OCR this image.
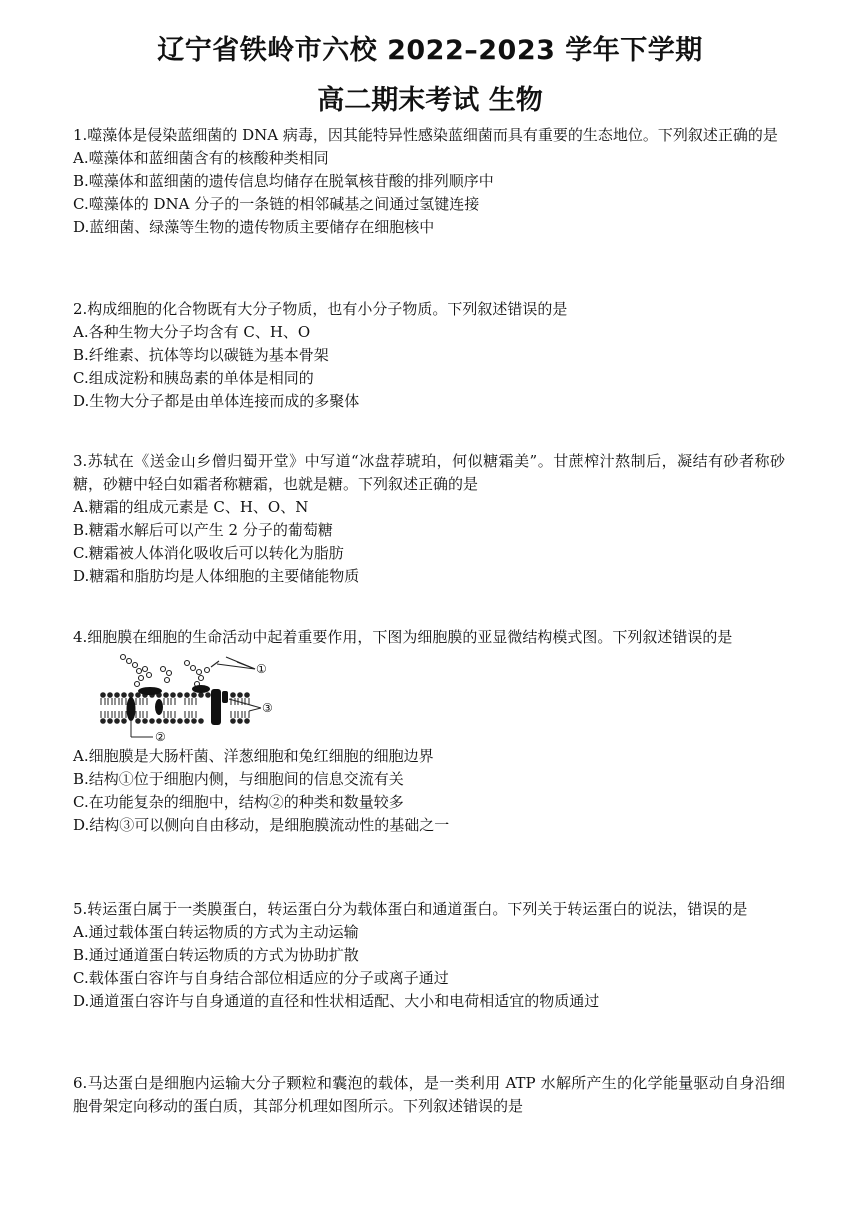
辽宁省铁岭市六校 2022–2023 学年下学期
高二期末考试 生物
1.噬藻体是侵染蓝细菌的 DNA 病毒，因其能特异性感染蓝细菌而具有重要的生态地位。下列叙述正确的是
A.噬藻体和蓝细菌含有的核酸种类相同
B.噬藻体和蓝细菌的遗传信息均储存在脱氧核苷酸的排列顺序中
C.噬藻体的 DNA 分子的一条链的相邻碱基之间通过氢键连接
D.蓝细菌、绿藻等生物的遗传物质主要储存在细胞核中
2.构成细胞的化合物既有大分子物质，也有小分子物质。下列叙述错误的是
A.各种生物大分子均含有 C、H、O
B.纤维素、抗体等均以碳链为基本骨架
C.组成淀粉和胰岛素的单体是相同的
D.生物大分子都是由单体连接而成的多聚体
3.苏轼在《送金山乡僧归蜀开堂》中写道“冰盘荐琥珀，何似糖霜美”。甘蔗榨汁熬制后，凝结有砂者称砂糖，砂糖中轻白如霜者称糖霜，也就是糖。下列叙述正确的是
A.糖霜的组成元素是 C、H、O、N
B.糖霜水解后可以产生 2 分子的葡萄糖
C.糖霜被人体消化吸收后可以转化为脂肪
D.糖霜和脂肪均是人体细胞的主要储能物质
4.细胞膜在细胞的生命活动中起着重要作用，下图为细胞膜的亚显微结构模式图。下列叙述错误的是
①
②
③
A.细胞膜是大肠杆菌、洋葱细胞和兔红细胞的细胞边界
B.结构①位于细胞内侧，与细胞间的信息交流有关
C.在功能复杂的细胞中，结构②的种类和数量较多
D.结构③可以侧向自由移动，是细胞膜流动性的基础之一
5.转运蛋白属于一类膜蛋白，转运蛋白分为载体蛋白和通道蛋白。下列关于转运蛋白的说法，错误的是
A.通过载体蛋白转运物质的方式为主动运输
B.通过通道蛋白转运物质的方式为协助扩散
C.载体蛋白容许与自身结合部位相适应的分子或离子通过
D.通道蛋白容许与自身通道的直径和性状相适配、大小和电荷相适宜的物质通过
6.马达蛋白是细胞内运输大分子颗粒和囊泡的载体，是一类利用 ATP 水解所产生的化学能量驱动自身沿细胞骨架定向移动的蛋白质，其部分机理如图所示。下列叙述错误的是
